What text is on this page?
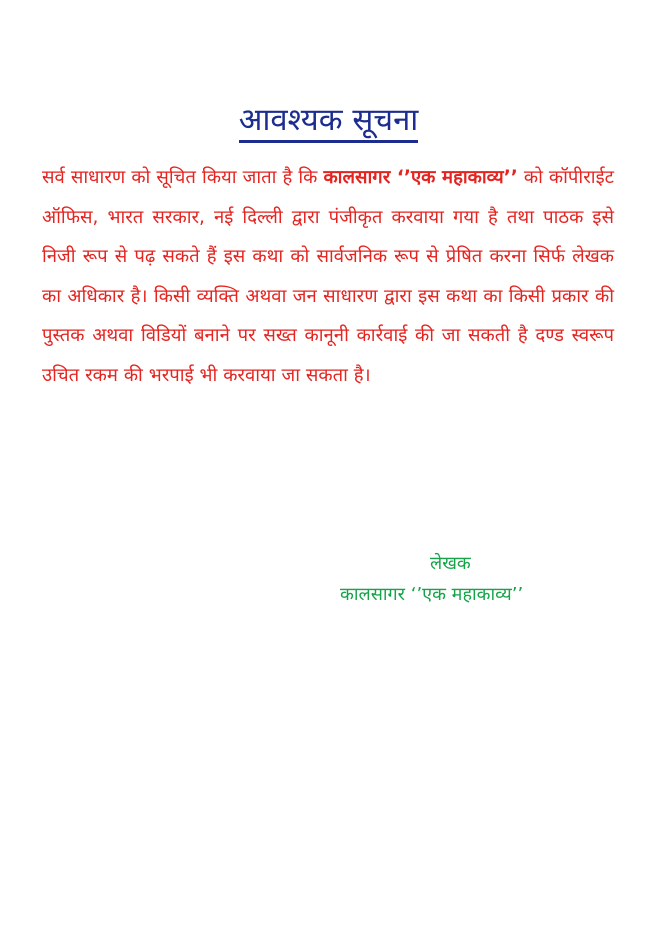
आवश्यक सूचना

सर्व साधारण को सूचित किया जाता है कि कालसागर ‘’एक महाकाव्य’’ को कॉपीराईट ऑफिस, भारत सरकार, नई दिल्ली द्वारा पंजीकृत करवाया गया है तथा पाठक इसे निजी रूप से पढ़ सकते हैं इस कथा को सार्वजनिक रूप से प्रेषित करना सिर्फ लेखक का अधिकार है। किसी व्यक्ति अथवा जन साधारण द्वारा इस कथा का किसी प्रकार की पुस्तक अथवा विडियों बनाने पर सख्त कानूनी कार्रवाई की जा सकती है दण्ड स्वरूप उचित रकम की भरपाई भी करवाया जा सकता है।

लेखक
कालसागर ‘’एक महाकाव्य’’
